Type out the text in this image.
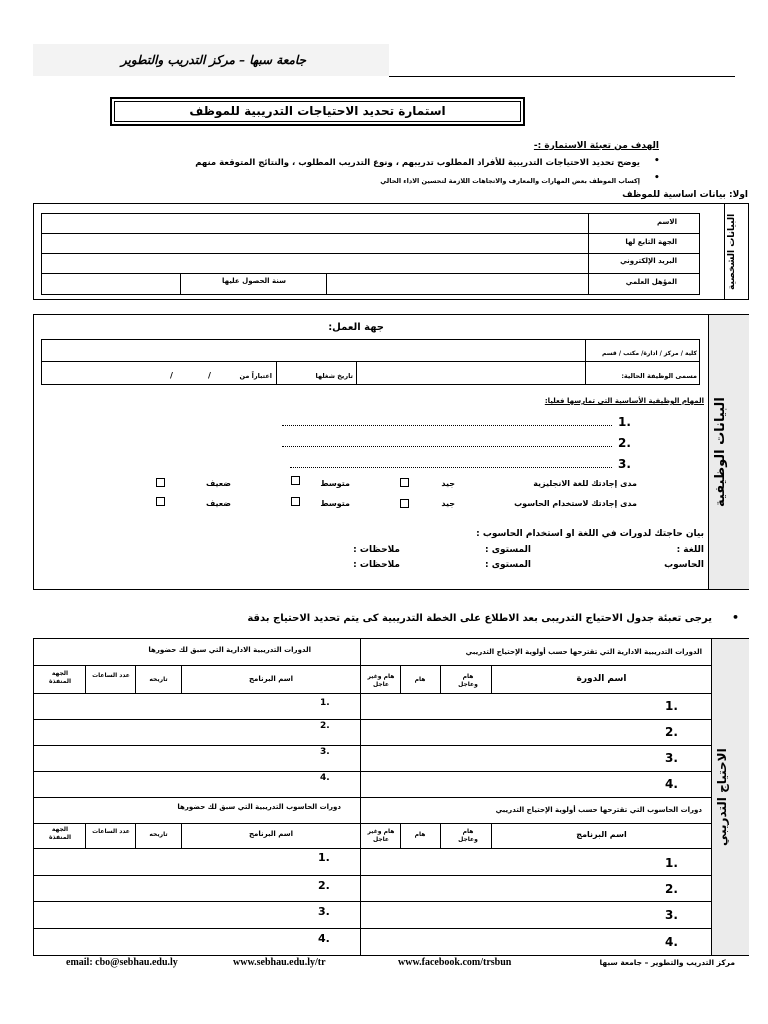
جامعة سبها – مركز التدريب والتطوير
استمارة تحديد الاحتياجات التدريبية للموظف
الهدف من تعبئة الاستمارة :-
•
يوضح تحديد الاحتياجات التدريبية للأفراد المطلوب تدريبهم ، ونوع التدريب المطلوب ، والنتائج المتوقعة منهم
•
إكساب الموظف بعض المهارات والمعارف والاتجاهات اللازمة لتحسين الاداء الحالي
اولا: بيانات اساسية للموظف
البيانات الشخصية
الاسم
الجهة التابع لها
البريد الإلكتروني
المؤهل العلمي
سنة الحصول عليها
البيانات الوظيفية
جهة العمل:
كلية / مركز / ادارة/ مكتب / قسم
مسمى الوظيفة الحالية:
تاريخ شغلها
اعتباراً من
/
/
المهام الوظيفية الأساسية التى تمارسها فعليا:
1.
2.
3.
مدى إجادتك للغة الانجليزية
جيد
متوسط
ضعيف
مدى إجادتك لاستخدام الحاسوب
جيد
متوسط
ضعيف
بيان حاجتك لدورات في اللغة او استخدام الحاسوب :
اللغة :
المستوى :
ملاحظات :
الحاسوب
المستوى :
ملاحظات :
•
يرجى تعبئة جدول الاحتياج التدريبى بعد الاطلاع على الخطة التدريبية كى يتم تحديد الاحتياج بدقة
الاحتياج التدريبي
الدورات التدريبية الادارية التي تقترحها حسب أولوية الإحتياج التدريبي
الدورات التدريبية الادارية التي سبق لك حضورها
اسم الدورة
هام وعاجل
هام
هام وغير عاجل
اسم البرنامج
تاريخه
عدد الساعات
الجهة المنفذة
1.
2.
3.
4.
1.
2.
3.
4.
دورات الحاسوب التي تقترحها حسب أولوية الإحتياج التدريبي
دورات الحاسوب التدريبية التي سبق لك حضورها
اسم البرنامج
هام وعاجل
هام
هام وغير عاجل
اسم البرنامج
تاريخه
عدد الساعات
الجهة المنفذة
1.
2.
3.
4.
1.
2.
3.
4.
مركز التدريب والتطوير – جامعة سبها
www.facebook.com/trsbun
www.sebhau.edu.ly/tr
email: cbo@sebhau.edu.ly
